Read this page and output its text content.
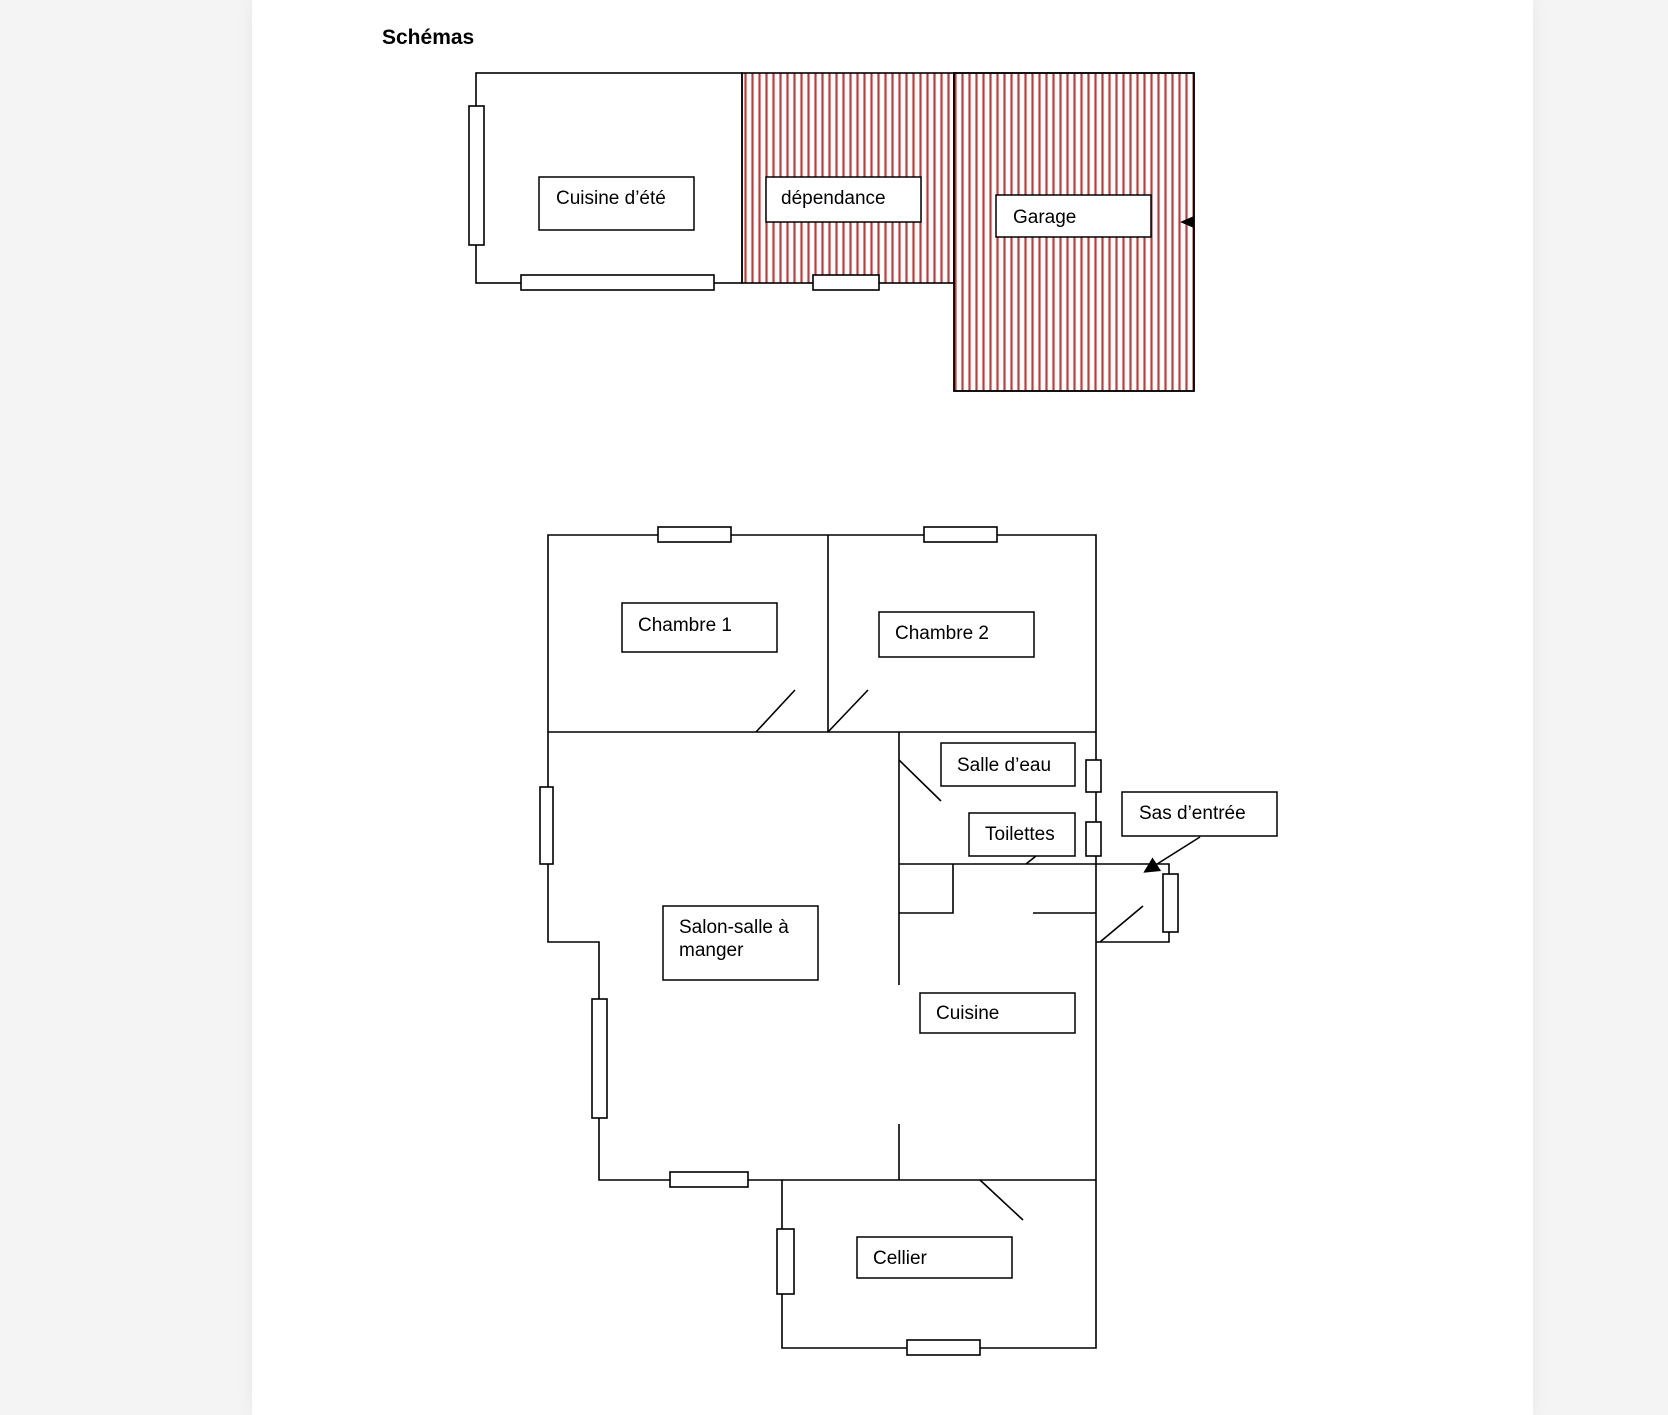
Schémas
Cuisine d’été	dépendance
Garage
Chambre 1	Chambre 2
Salle d’eau
Toilettes
Sas d’entrée
Salon-salle à
manger
Cuisine
Cellier
